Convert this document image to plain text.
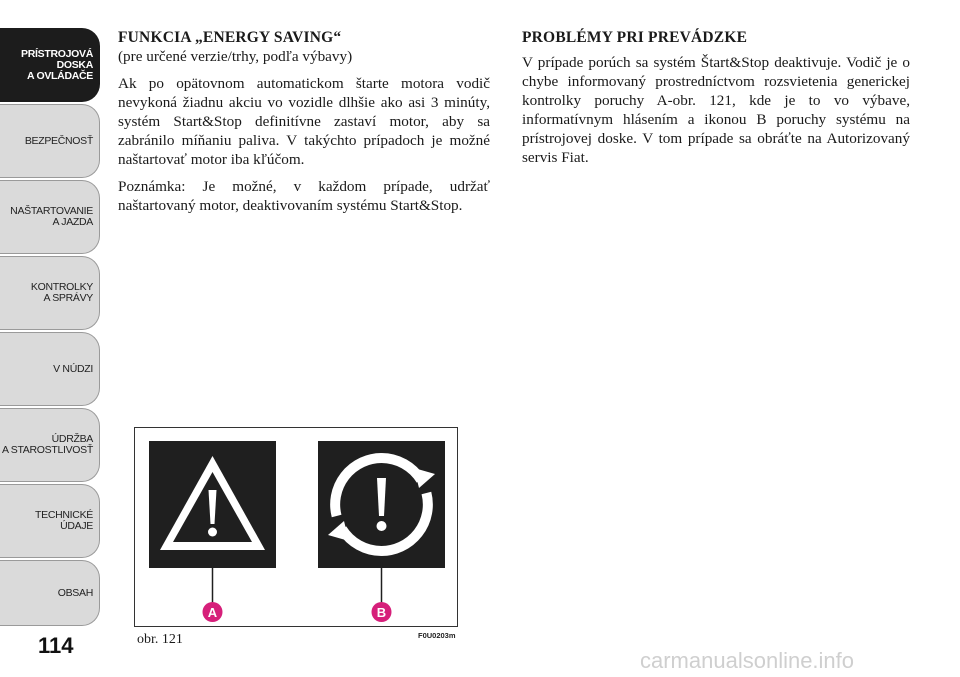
PRÍSTROJOVÁ
DOSKA
A OVLÁDAČE
BEZPEČNOSŤ
NAŠTARTOVANIE
A JAZDA
KONTROLKY
A SPRÁVY
V NÚDZI
ÚDRŽBA
A STAROSTLIVOSŤ
TECHNICKÉ ÚDAJE
OBSAH
114
FUNKCIA „ENERGY SAVING“
(pre určené verzie/trhy, podľa výbavy)

Ak po opätovnom automatickom štarte motora vodič nevykoná žiadnu akciu vo vozidle dlhšie ako asi 3 minúty, systém Start&Stop definitívne zastaví motor, aby sa zabránilo míňaniu paliva. V takýchto prípadoch je možné naštartovať motor iba kľúčom.

Poznámka: Je možné, v každom prípade, udržať naštartovaný motor, deaktivovaním systému Start&Stop.

PROBLÉMY PRI PREVÁDZKE

V prípade porúch sa systém Štart&Stop deaktivuje. Vodič je o chybe informovaný prostredníctvom rozsvietenia generickej kontrolky poruchy A-obr. 121, kde je to vo výbave, informatívnym hlásením a ikonou B poruchy systému na prístrojovej doske. V tom prípade sa obráťte na Autorizovaný servis Fiat.

A	B
obr. 121	F0U0203m
carmanualsonline.info
